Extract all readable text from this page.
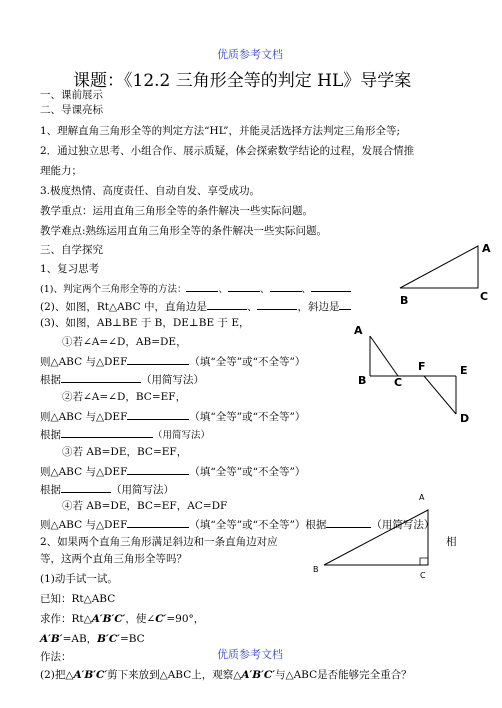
优质参考文档
优质参考文档
课题：《12.2 三角形全等的判定 HL》导学案
一、课前展示
二、导课亮标
1、理解直角三角形全等的判定方法“HL”，并能灵活选择方法判定三角形全等;
2．通过独立思考、小组合作、展示质疑，体会探索数学结论的过程，发展合情推
理能力；
3.极度热情、高度责任、自动自发、享受成功。
教学重点：运用直角三角形全等的条件解决一些实际问题。
教学难点:熟练运用直角三角形全等的条件解决一些实际问题。
三、自学探究
1、复习思考
(1)、判定两个三角形全等的方法：	、	、	、
(2)、如图，Rt△ABC 中，直角边是	、	，斜边是
(3)、如图，AB⊥BE 于 B，DE⊥BE 于 E，
①若∠A=∠D，AB=DE，
则△ABC 与△DEF	（填“全等”或“不全等”）
根据	（用简写法）
②若∠A=∠D，BC=EF，
则△ABC 与△DEF	（填“全等”或“不全等”）
根据	（用简写法）
③若 AB=DE，BC=EF，
则△ABC 与△DEF	（填“全等”或“不全等”）
根据	（用简写法）
④若 AB=DE，BC=EF，AC=DF
则△ABC 与△DEF	（填“全等”或“不全等”）根据	（用简写法）
2、如果两个直角三角形满足斜边和一条直角边对应	相
等，这两个直角三角形全等吗？
(1)动手试一试。
已知：Rt△ABC
求作：Rt△A′B′C′，使∠C′=90°，
A′B′=AB，B′C′=BC
作法：
(2)把△A′B′C′剪下来放到△ABC上，观察△A′B′C′与△ABC是否能够完全重合？
A
B	C
A
B	C
F	E
D
A
B
C
